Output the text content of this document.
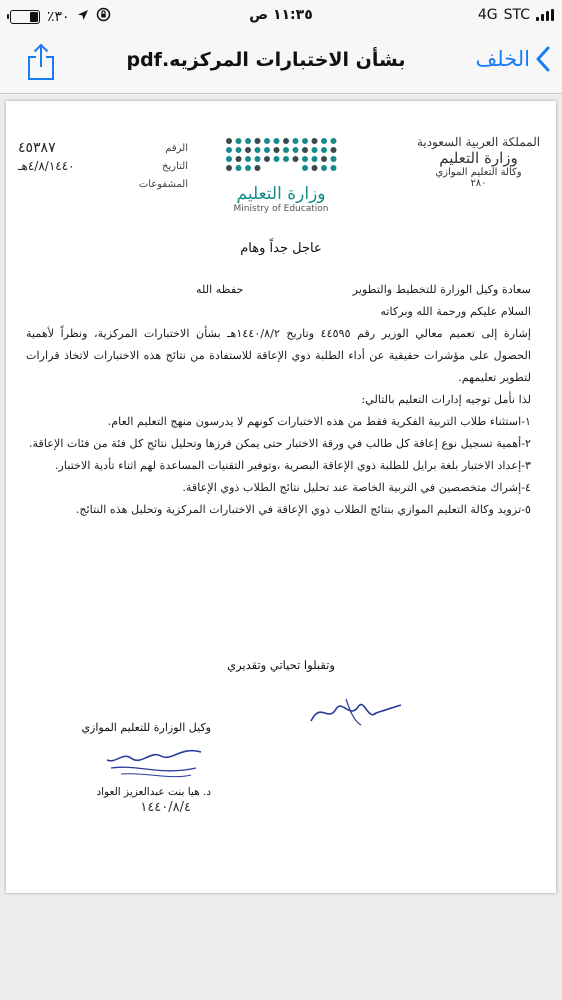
٪٣٠	١١:٣٥ ص	4G STC
بشأن الاختبارات المركزيه.pdf	الخلف
المملكة العربية السعودية
وزارة التعليم
وكالة التعليم الموازي
٢٨٠
وزارة التعليم
Ministry of Education
الرقم
٤٥٣٨٧
التاريخ
٤/٨/١٤٤٠هـ
المشفوعات
عاجل جداً وهام
سعادة وكيل الوزارة للتخطيط والتطوير
حفظه الله
السلام عليكم ورحمة الله وبركاته
إشارة إلى تعميم معالي الوزير رقم ٤٤٥٩٥ وتاريخ ١٤٤٠/٨/٢هـ بشأن الاختبارات المركزية، ونظراً لأهمية الحصول على مؤشرات حقيقية عن أداء الطلبة ذوي الإعاقة للاستفادة من نتائج هذه الاختبارات لاتخاذ قرارات لتطوير تعليمهم.
لذا نأمل توجيه إدارات التعليم بالتالي:
١-استثناء طلاب التربية الفكرية فقط من هذه الاختبارات كونهم لا يدرسون منهج التعليم العام.
٢-أهمية تسجيل نوع إعاقة كل طالب في ورقة الاختبار حتى يمكن فرزها وتحليل نتائج كل فئة من فئات الإعاقة.
٣-إعداد الاختبار بلغة برايل للطلبة ذوي الإعاقة البصرية ،وتوفير التقنيات المساعدة لهم اثناء تأدية الاختبار.
٤-إشراك متخصصين في التربية الخاصة عند تحليل نتائج الطلاب ذوي الإعاقة.
٥-تزويد وكالة التعليم الموازي بنتائج الطلاب ذوي الإعاقة في الاختبارات المركزية وتحليل هذه النتائج.
وتقبلوا تحياتي وتقديري
وكيل الوزارة للتعليم الموازي
د. هيا بنت عبدالعزيز العواد
١٤٤٠/٨/٤
